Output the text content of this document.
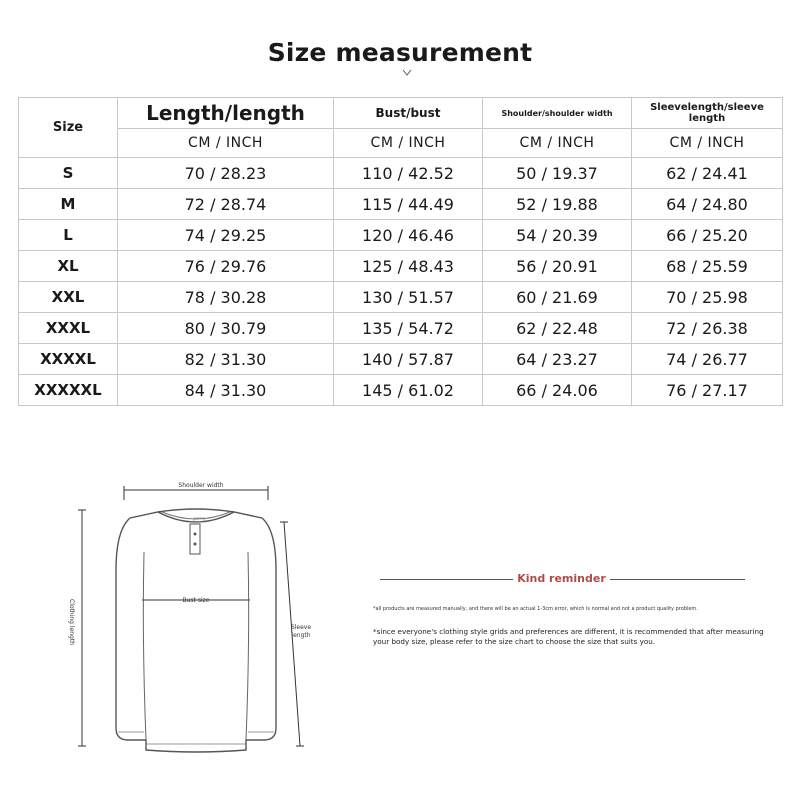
Size measurement
Size	Length/length	Bust/bust	Shoulder/shoulder width	Sleevelength/sleeve length
	CM / INCH	CM / INCH	CM / INCH	CM / INCH
S	70 / 28.23	110 / 42.52	50 / 19.37	62 / 24.41
M	72 / 28.74	115 / 44.49	52 / 19.88	64 / 24.80
L	74 / 29.25	120 / 46.46	54 / 20.39	66 / 25.20
XL	76 / 29.76	125 / 48.43	56 / 20.91	68 / 25.59
XXL	78 / 30.28	130 / 51.57	60 / 21.69	70 / 25.98
XXXL	80 / 30.79	135 / 54.72	62 / 22.48	72 / 26.38
XXXXL	82 / 31.30	140 / 57.87	64 / 23.27	74 / 26.77
XXXXXL	84 / 31.30	145 / 61.02	66 / 24.06	76 / 27.17
Shoulder width
Bust size
Sleeve length
Clothing length
Kind reminder
*all products are measured manually, and there will be an actual 1-3cm error, which is normal and not a product quality problem.
*since everyone's clothing style grids and preferences are different, it is recommended that after measuring your body size, please refer to the size chart to choose the size that suits you.
